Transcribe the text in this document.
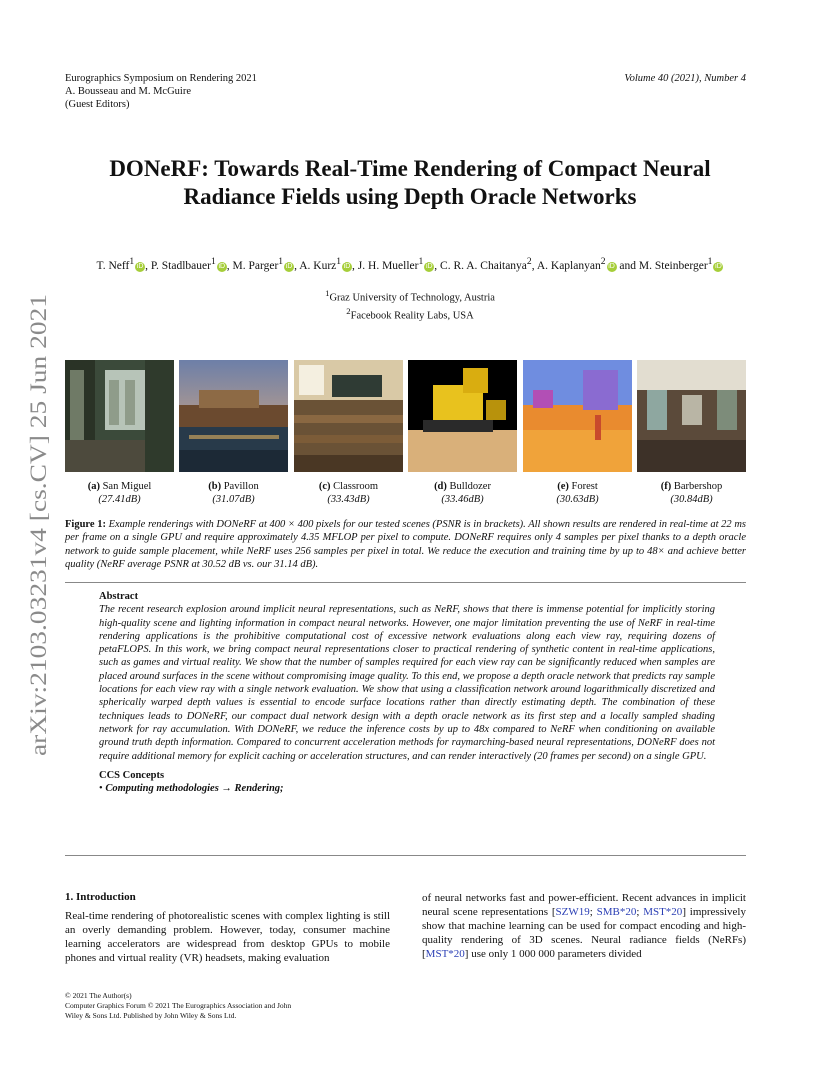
Eurographics Symposium on Rendering 2021
A. Bousseau and M. McGuire
(Guest Editors)
Volume 40 (2021), Number 4
arXiv:2103.03231v4 [cs.CV] 25 Jun 2021
DONeRF: Towards Real-Time Rendering of Compact Neural
Radiance Fields using Depth Oracle Networks
T. Neff$^1$ iD , P. Stadlbauer$^1$ iD , M. Parger$^1$ iD , A. Kurz$^1$ iD , J. H. Mueller$^1$ iD , C. R. A. Chaitanya$^2$, A. Kaplanyan$^2$ iD and M. Steinberger$^1$ iD
$^1$Graz University of Technology, Austria
$^2$Facebook Reality Labs, USA
(a) San Miguel
(27.41dB)
(b) Pavillon
(31.07dB)
(c) Classroom
(33.43dB)
(d) Bulldozer
(33.46dB)
(e) Forest
(30.63dB)
(f) Barbershop
(30.84dB)
Figure 1: Example renderings with DONeRF at 400 × 400 pixels for our tested scenes (PSNR is in brackets). All shown results are rendered in real-time at 22 ms per frame on a single GPU and require approximately 4.35 MFLOP per pixel to compute. DONeRF requires only 4 samples per pixel thanks to a depth oracle network to guide sample placement, while NeRF uses 256 samples per pixel in total. We reduce the execution and training time by up to 48× and achieve better quality (NeRF average PSNR at 30.52 dB vs. our 31.14 dB).
Abstract

The recent research explosion around implicit neural representations, such as NeRF, shows that there is immense potential for implicitly storing high-quality scene and lighting information in compact neural networks. However, one major limitation preventing the use of NeRF in real-time rendering applications is the prohibitive computational cost of excessive network evaluations along each view ray, requiring dozens of petaFLOPS. In this work, we bring compact neural representations closer to practical rendering of synthetic content in real-time applications, such as games and virtual reality. We show that the number of samples required for each view ray can be significantly reduced when samples are placed around surfaces in the scene without compromising image quality. To this end, we propose a depth oracle network that predicts ray sample locations for each view ray with a single network evaluation. We show that using a classification network around logarithmically discretized and spherically warped depth values is essential to encode surface locations rather than directly estimating depth. The combination of these techniques leads to DONeRF, our compact dual network design with a depth oracle network as its first step and a locally sampled shading network for ray accumulation. With DONeRF, we reduce the inference costs by up to 48x compared to NeRF when conditioning on available ground truth depth information. Compared to concurrent acceleration methods for raymarching-based neural representations, DONeRF does not require additional memory for explicit caching or acceleration structures, and can render interactively (20 frames per second) on a single GPU.

CCS Concepts
• Computing methodologies → Rendering;
1. Introduction
Real-time rendering of photorealistic scenes with complex lighting is still an overly demanding problem. However, today, consumer machine learning accelerators are widespread from desktop GPUs to mobile phones and virtual reality (VR) headsets, making evaluation
of neural networks fast and power-efficient. Recent advances in implicit neural scene representations [SZW19; SMB*20; MST*20] impressively show that machine learning can be used for compact encoding and high-quality rendering of 3D scenes. Neural radiance fields (NeRFs) [MST*20] use only 1 000 000 parameters divided
© 2021 The Author(s)
Computer Graphics Forum © 2021 The Eurographics Association and John
Wiley & Sons Ltd. Published by John Wiley & Sons Ltd.
